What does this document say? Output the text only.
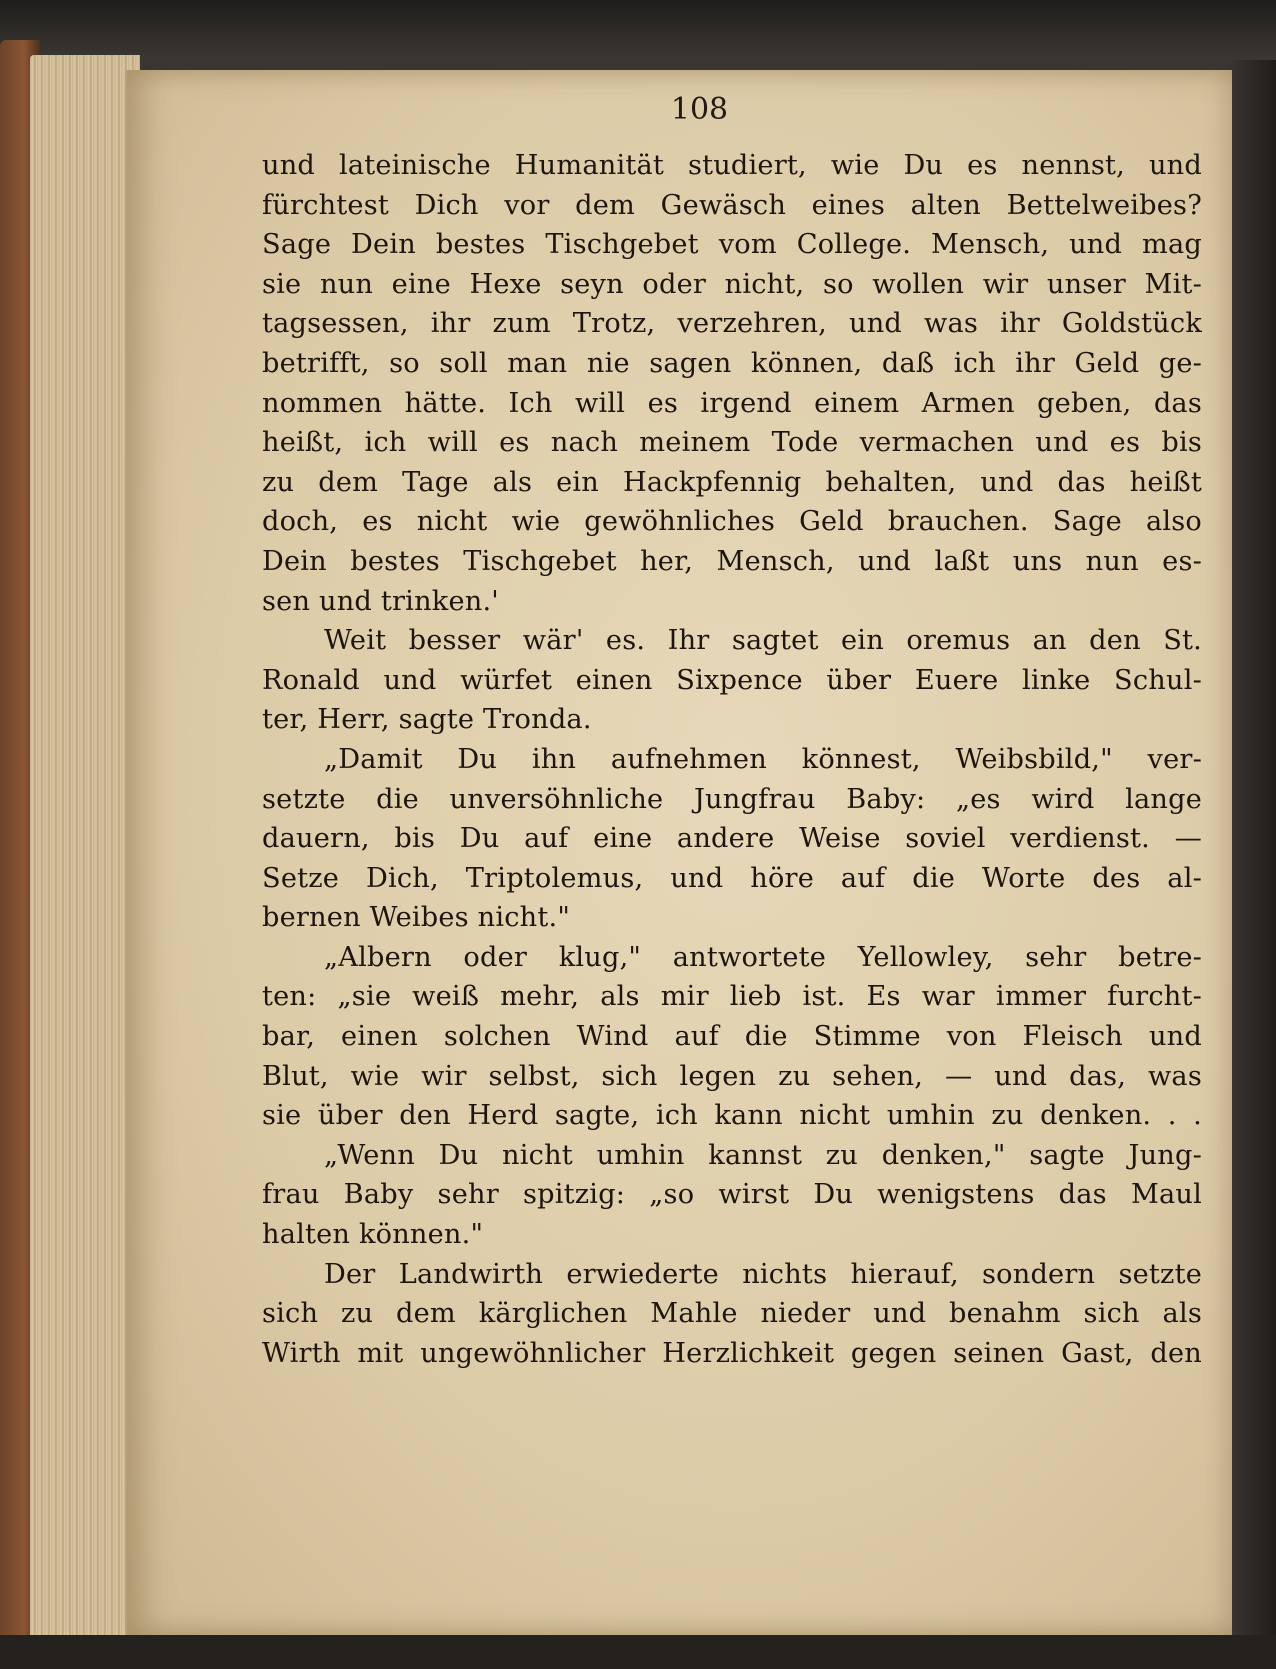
108
und lateinische Humanität studiert, wie Du es nennst, und
fürchtest Dich vor dem Gewäsch eines alten Bettelweibes?
Sage Dein bestes Tischgebet vom College. Mensch, und mag
sie nun eine Hexe seyn oder nicht, so wollen wir unser Mit-
tagsessen, ihr zum Trotz, verzehren, und was ihr Goldstück
betrifft, so soll man nie sagen können, daß ich ihr Geld ge-
nommen hätte. Ich will es irgend einem Armen geben, das
heißt, ich will es nach meinem Tode vermachen und es bis
zu dem Tage als ein Hackpfennig behalten, und das heißt
doch, es nicht wie gewöhnliches Geld brauchen. Sage also
Dein bestes Tischgebet her, Mensch, und laßt uns nun es-
sen und trinken.'
Weit besser wär' es. Ihr sagtet ein oremus an den St.
Ronald und würfet einen Sixpence über Euere linke Schul-
ter, Herr, sagte Tronda.
„Damit Du ihn aufnehmen könnest, Weibsbild," ver-
setzte die unversöhnliche Jungfrau Baby: „es wird lange
dauern, bis Du auf eine andere Weise soviel verdienst. —
Setze Dich, Triptolemus, und höre auf die Worte des al-
bernen Weibes nicht."
„Albern oder klug," antwortete Yellowley, sehr betre-
ten: „sie weiß mehr, als mir lieb ist. Es war immer furcht-
bar, einen solchen Wind auf die Stimme von Fleisch und
Blut, wie wir selbst, sich legen zu sehen, — und das, was
sie über den Herd sagte, ich kann nicht umhin zu denken. . .
„Wenn Du nicht umhin kannst zu denken," sagte Jung-
frau Baby sehr spitzig: „so wirst Du wenigstens das Maul
halten können."
Der Landwirth erwiederte nichts hierauf, sondern setzte
sich zu dem kärglichen Mahle nieder und benahm sich als
Wirth mit ungewöhnlicher Herzlichkeit gegen seinen Gast, den
